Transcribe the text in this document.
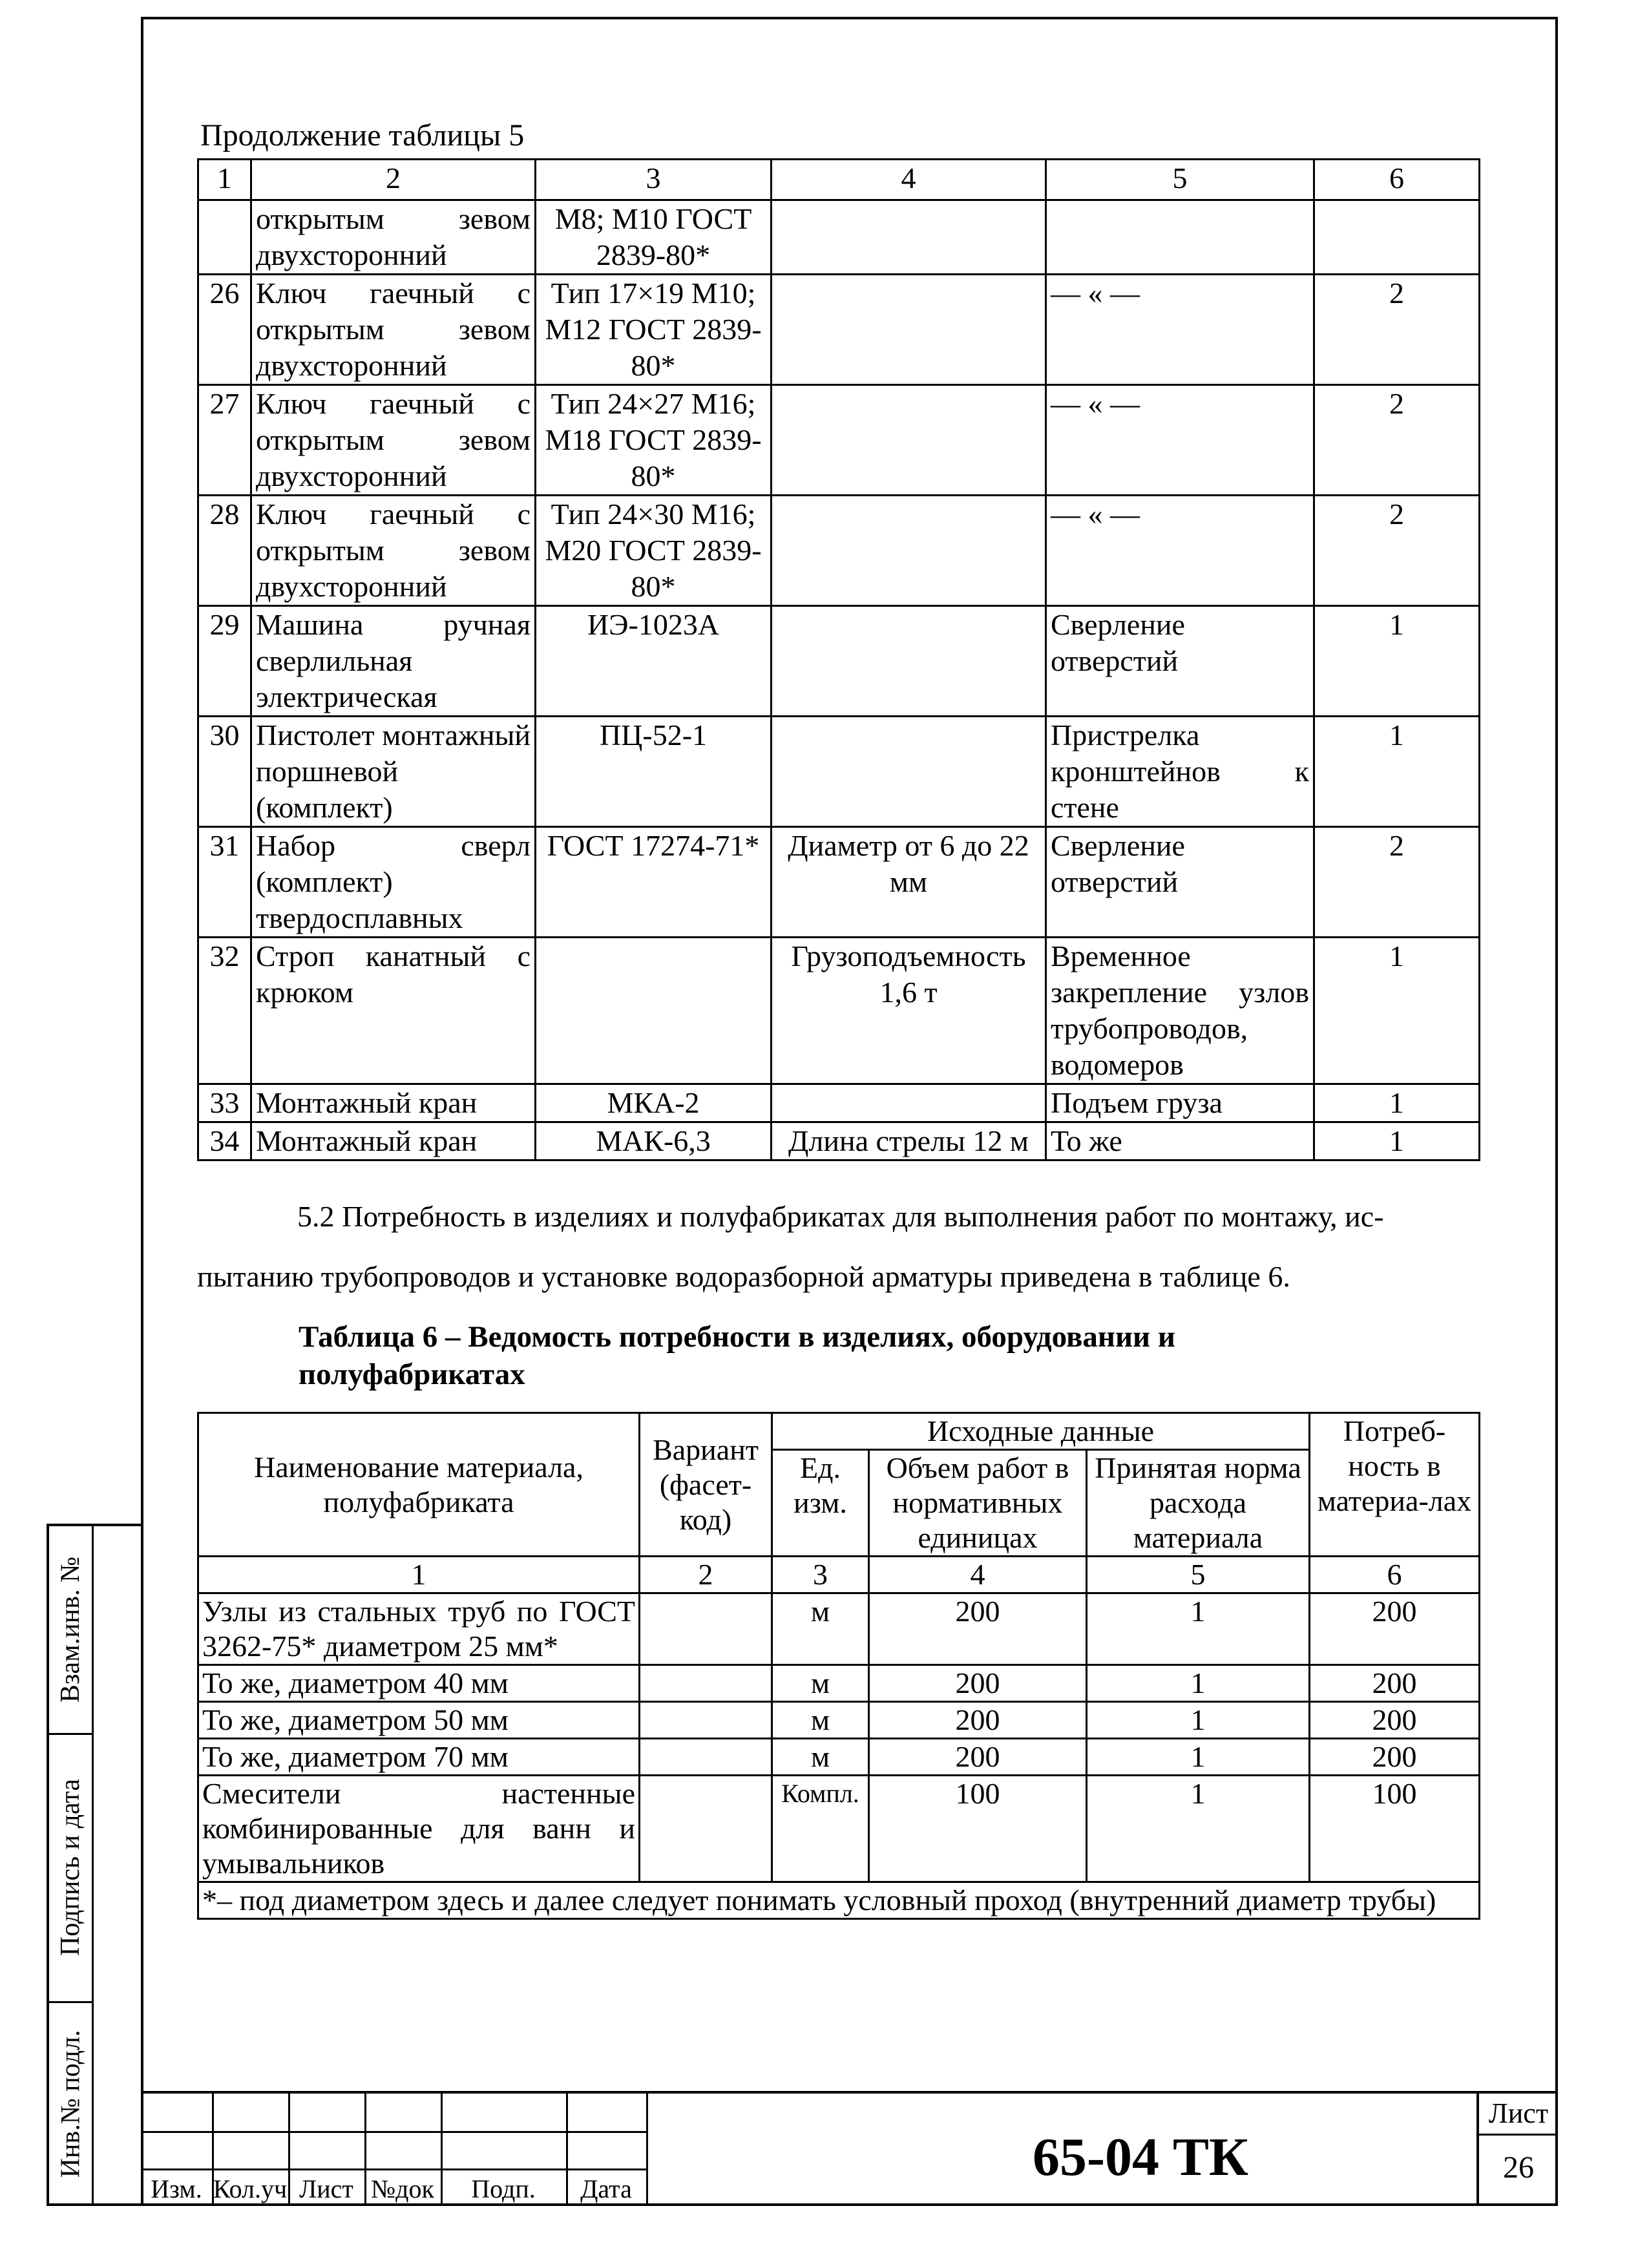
Продолжение таблицы 5
1	2	3	4	5	6
	открытым зевом двухсторонний	М8; М10 ГОСТ 2839-80*			
26	Ключ гаечный с открытым зевом двухсторонний	Тип 17×19 М10; М12 ГОСТ 2839-80*		— « —	2
27	Ключ гаечный с открытым зевом двухсторонний	Тип 24×27 М16; М18 ГОСТ 2839-80*		— « —	2
28	Ключ гаечный с открытым зевом двухсторонний	Тип 24×30 М16; М20 ГОСТ 2839-80*		— « —	2
29	Машина ручная сверлильная электрическая	ИЭ-1023А		Сверление отверстий	1
30	Пистолет монтажный поршневой (комплект)	ПЦ-52-1		Пристрелка кронштейнов к стене	1
31	Набор сверл (комплект) твердосплавных	ГОСТ 17274-71*	Диаметр от 6 до 22 мм	Сверление отверстий	2
32	Строп канатный с крюком		Грузоподъемность 1,6 т	Временное закрепление узлов трубопроводов, водомеров	1
33	Монтажный кран	МКА-2		Подъем груза	1
34	Монтажный кран	МАК-6,3	Длина стрелы 12 м	То же	1
5.2 Потребность в изделиях и полуфабрикатах для выполнения работ по монтажу, ис-
пытанию трубопроводов и установке водоразборной арматуры приведена в таблице 6.
Таблица 6 – Ведомость потребности в изделиях, оборудовании и полуфабрикатах
Наименование материала, полуфабриката	Вариант (фасет-код)	Исходные данные			Потреб-ность в материа-лах
		Ед. изм.	Объем работ в нормативных единицах	Принятая норма расхода материала	
1	2	3	4	5	6
Узлы из стальных труб по ГОСТ 3262-75* диаметром 25 мм*		м	200	1	200
То же, диаметром 40 мм		м	200	1	200
То же, диаметром 50 мм		м	200	1	200
То же, диаметром 70 мм		м	200	1	200
Смесители настенные комбинированные для ванн и умывальников		Компл.	100	1	100
*– под диаметром здесь и далее следует понимать условный проход (внутренний диаметр трубы)					
Взам.инв. №
Подпись и дата
Инв.№ подл.
Изм. Кол.уч Лист №док	Подп.	Дата
65-04 ТК
Лист
26
